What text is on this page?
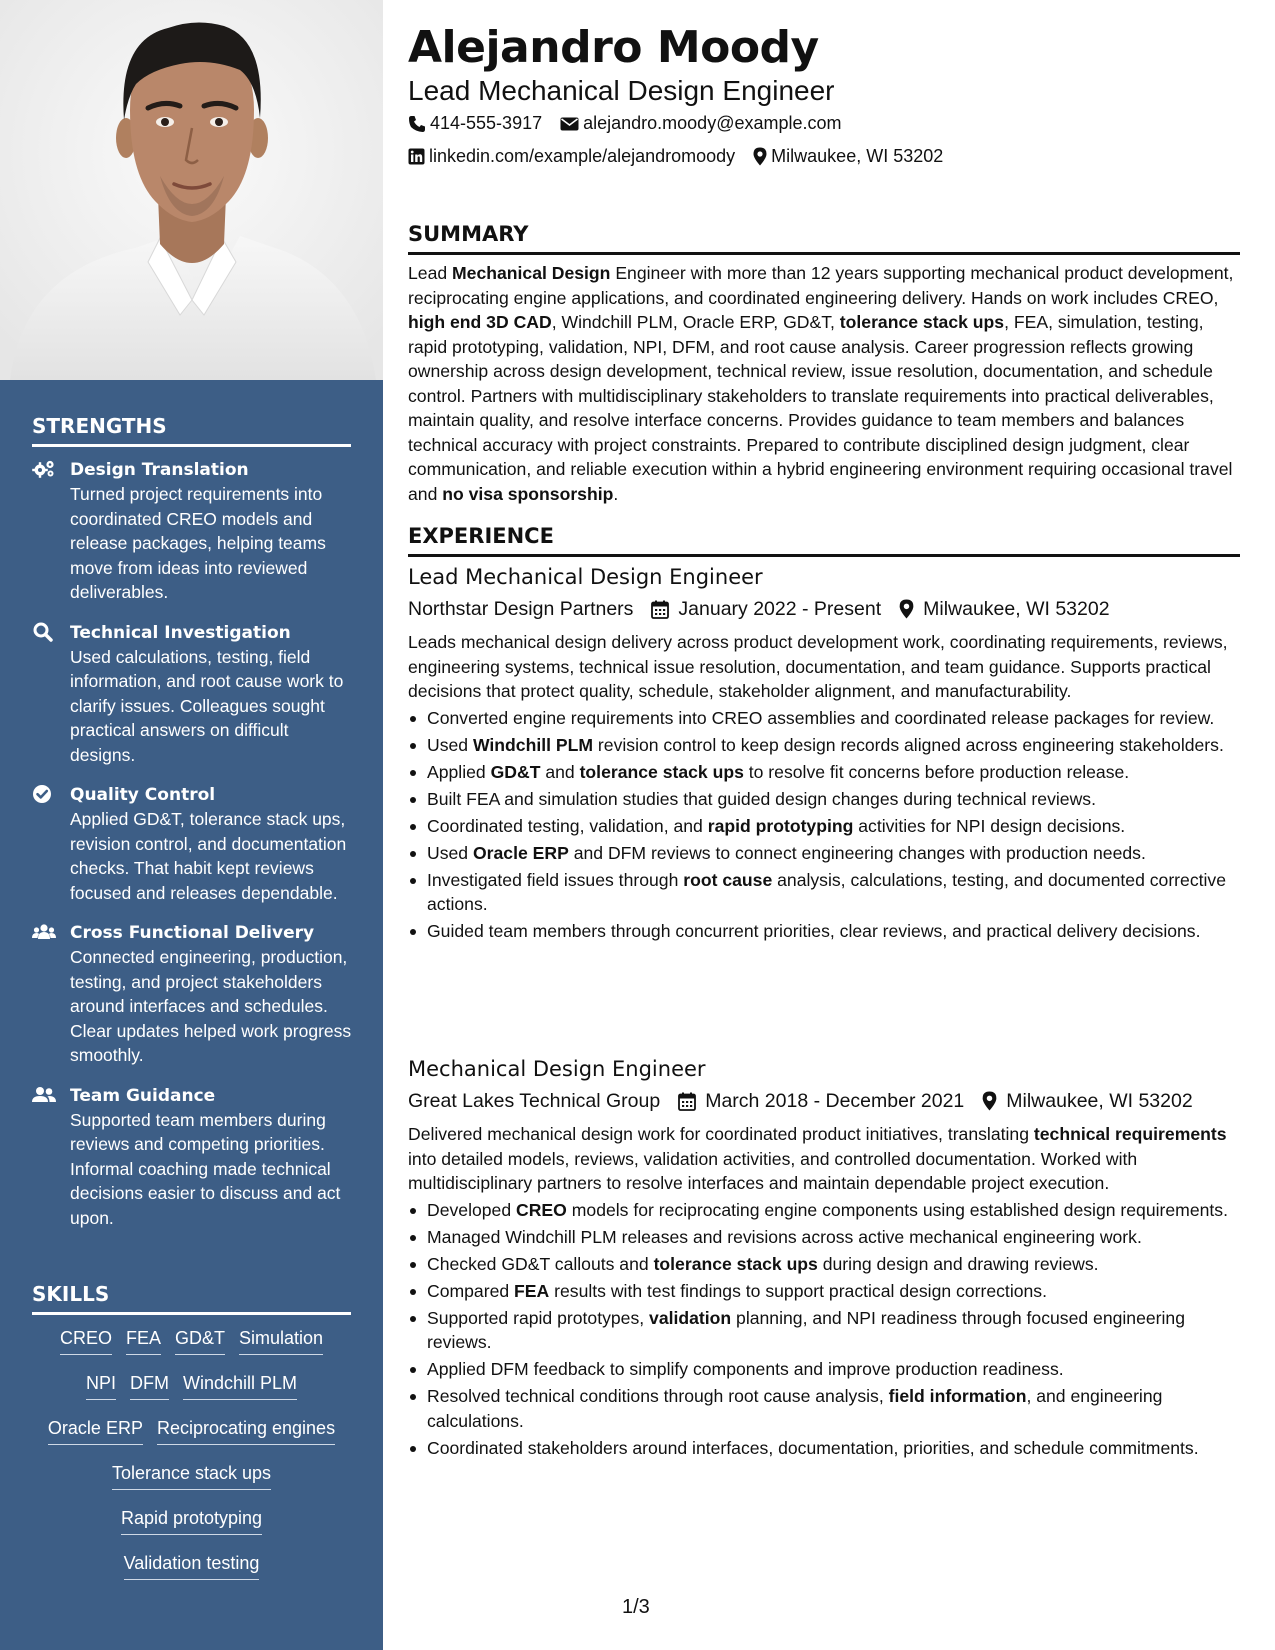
STRENGTHS
Design Translation
Turned project requirements into coordinated CREO models and release packages, helping teams move from ideas into reviewed deliverables.
Technical Investigation
Used calculations, testing, field information, and root cause work to clarify issues. Colleagues sought practical answers on difficult designs.
Quality Control
Applied GD&T, tolerance stack ups, revision control, and documentation checks. That habit kept reviews focused and releases dependable.
Cross Functional Delivery
Connected engineering, production, testing, and project stakeholders around interfaces and schedules. Clear updates helped work progress smoothly.
Team Guidance
Supported team members during reviews and competing priorities. Informal coaching made technical decisions easier to discuss and act upon.
SKILLS
CREO FEA GD&T Simulation
NPI DFM Windchill PLM
Oracle ERP Reciprocating engines
Tolerance stack ups
Rapid prototyping
Validation testing
Alejandro Moody
Lead Mechanical Design Engineer
414-555-3917 alejandro.moody@example.com
linkedin.com/example/alejandromoody Milwaukee, WI 53202
SUMMARY
Lead Mechanical Design Engineer with more than 12 years supporting mechanical product development, reciprocating engine applications, and coordinated engineering delivery. Hands on work includes CREO, high end 3D CAD, Windchill PLM, Oracle ERP, GD&T, tolerance stack ups, FEA, simulation, testing, rapid prototyping, validation, NPI, DFM, and root cause analysis. Career progression reflects growing ownership across design development, technical review, issue resolution, documentation, and schedule control. Partners with multidisciplinary stakeholders to translate requirements into practical deliverables, maintain quality, and resolve interface concerns. Provides guidance to team members and balances technical accuracy with project constraints. Prepared to contribute disciplined design judgment, clear communication, and reliable execution within a hybrid engineering environment requiring occasional travel and no visa sponsorship.
EXPERIENCE
Lead Mechanical Design Engineer
Northstar Design Partners January 2022 - Present Milwaukee, WI 53202
Leads mechanical design delivery across product development work, coordinating requirements, reviews, engineering systems, technical issue resolution, documentation, and team guidance. Supports practical decisions that protect quality, schedule, stakeholder alignment, and manufacturability.
Converted engine requirements into CREO assemblies and coordinated release packages for review.
Used Windchill PLM revision control to keep design records aligned across engineering stakeholders.
Applied GD&T and tolerance stack ups to resolve fit concerns before production release.
Built FEA and simulation studies that guided design changes during technical reviews.
Coordinated testing, validation, and rapid prototyping activities for NPI design decisions.
Used Oracle ERP and DFM reviews to connect engineering changes with production needs.
Investigated field issues through root cause analysis, calculations, testing, and documented corrective actions.
Guided team members through concurrent priorities, clear reviews, and practical delivery decisions.
Mechanical Design Engineer
Great Lakes Technical Group March 2018 - December 2021 Milwaukee, WI 53202
Delivered mechanical design work for coordinated product initiatives, translating technical requirements into detailed models, reviews, validation activities, and controlled documentation. Worked with multidisciplinary partners to resolve interfaces and maintain dependable project execution.
Developed CREO models for reciprocating engine components using established design requirements.
Managed Windchill PLM releases and revisions across active mechanical engineering work.
Checked GD&T callouts and tolerance stack ups during design and drawing reviews.
Compared FEA results with test findings to support practical design corrections.
Supported rapid prototypes, validation planning, and NPI readiness through focused engineering reviews.
Applied DFM feedback to simplify components and improve production readiness.
Resolved technical conditions through root cause analysis, field information, and engineering calculations.
Coordinated stakeholders around interfaces, documentation, priorities, and schedule commitments.
1/3
